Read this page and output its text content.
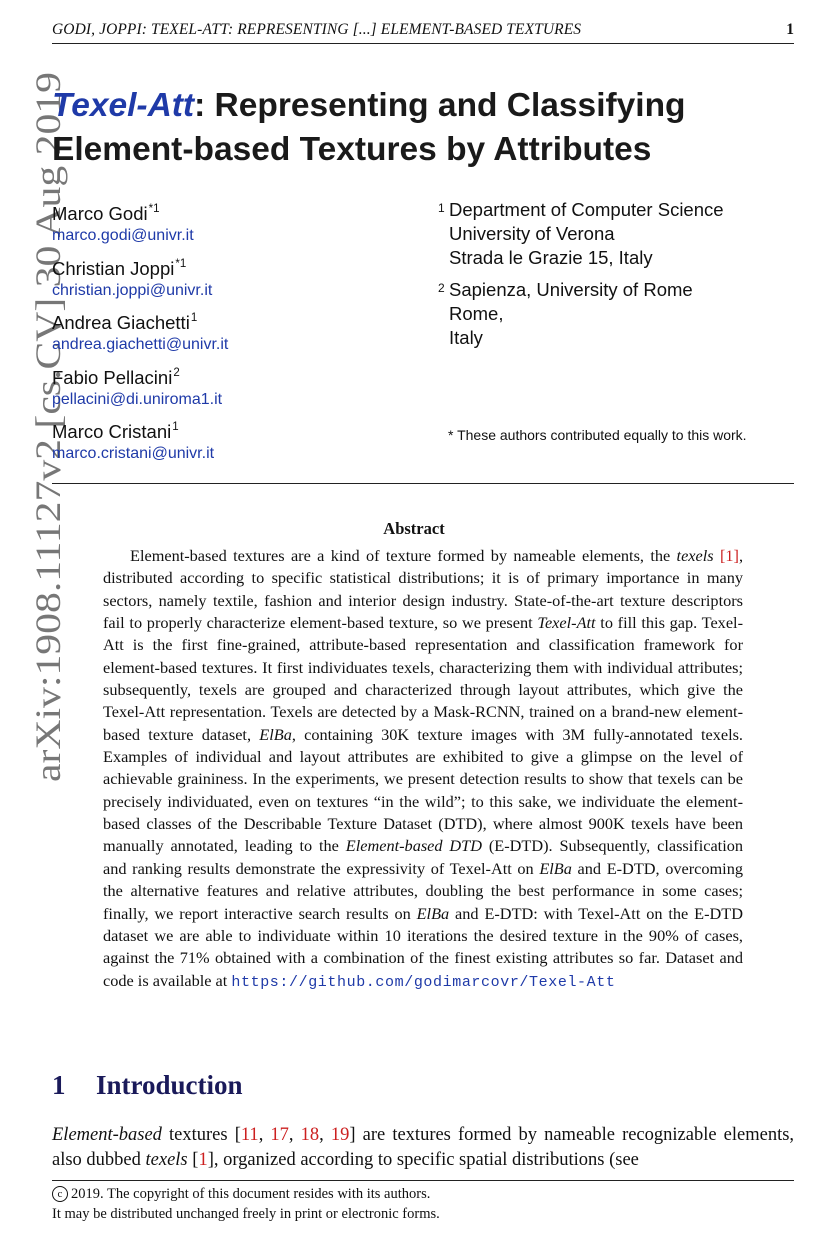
GODI, JOPPI: TEXEL-ATT: REPRESENTING [...] ELEMENT-BASED TEXTURES	1
arXiv:1908.11127v2 [cs.CV] 30 Aug 2019
Texel-Att: Representing and Classifying
Element-based Textures by Attributes
Marco Godi$^{*1}$
marco.godi@univr.it
Christian Joppi$^{*1}$
christian.joppi@univr.it
Andrea Giachetti$^1$
andrea.giachetti@univr.it
Fabio Pellacini$^2$
pellacini@di.uniroma1.it
Marco Cristani$^1$
marco.cristani@univr.it
1 Department of Computer Science
University of Verona
Strada le Grazie 15, Italy
2 Sapienza, University of Rome
Rome,
Italy
* These authors contributed equally to this work.
Abstract
Element-based textures are a kind of texture formed by nameable elements, the texels [1], distributed according to specific statistical distributions; it is of primary importance in many sectors, namely textile, fashion and interior design industry. State-of-the-art texture descriptors fail to properly characterize element-based texture, so we present Texel-Att to fill this gap. Texel-Att is the first fine-grained, attribute-based representation and classification framework for element-based textures. It first individuates texels, characterizing them with individual attributes; subsequently, texels are grouped and characterized through layout attributes, which give the Texel-Att representation. Texels are detected by a Mask-RCNN, trained on a brand-new element-based texture dataset, ElBa, containing 30K texture images with 3M fully-annotated texels. Examples of individual and layout attributes are exhibited to give a glimpse on the level of achievable graininess. In the experiments, we present detection results to show that texels can be precisely individuated, even on textures “in the wild”; to this sake, we individuate the element-based classes of the Describable Texture Dataset (DTD), where almost 900K texels have been manually annotated, leading to the Element-based DTD (E-DTD). Subsequently, classification and ranking results demonstrate the expressivity of Texel-Att on ElBa and E-DTD, overcoming the alternative features and relative attributes, doubling the best performance in some cases; finally, we report interactive search results on ElBa and E-DTD: with Texel-Att on the E-DTD dataset we are able to individuate within 10 iterations the desired texture in the 90% of cases, against the 71% obtained with a combination of the finest existing attributes so far. Dataset and code is available at https://github.com/godimarcovr/Texel-Att
1 Introduction
Element-based textures [11, 17, 18, 19] are textures formed by nameable recognizable elements, also dubbed texels [1], organized according to specific spatial distributions (see
c 2019. The copyright of this document resides with its authors.
It may be distributed unchanged freely in print or electronic forms.
